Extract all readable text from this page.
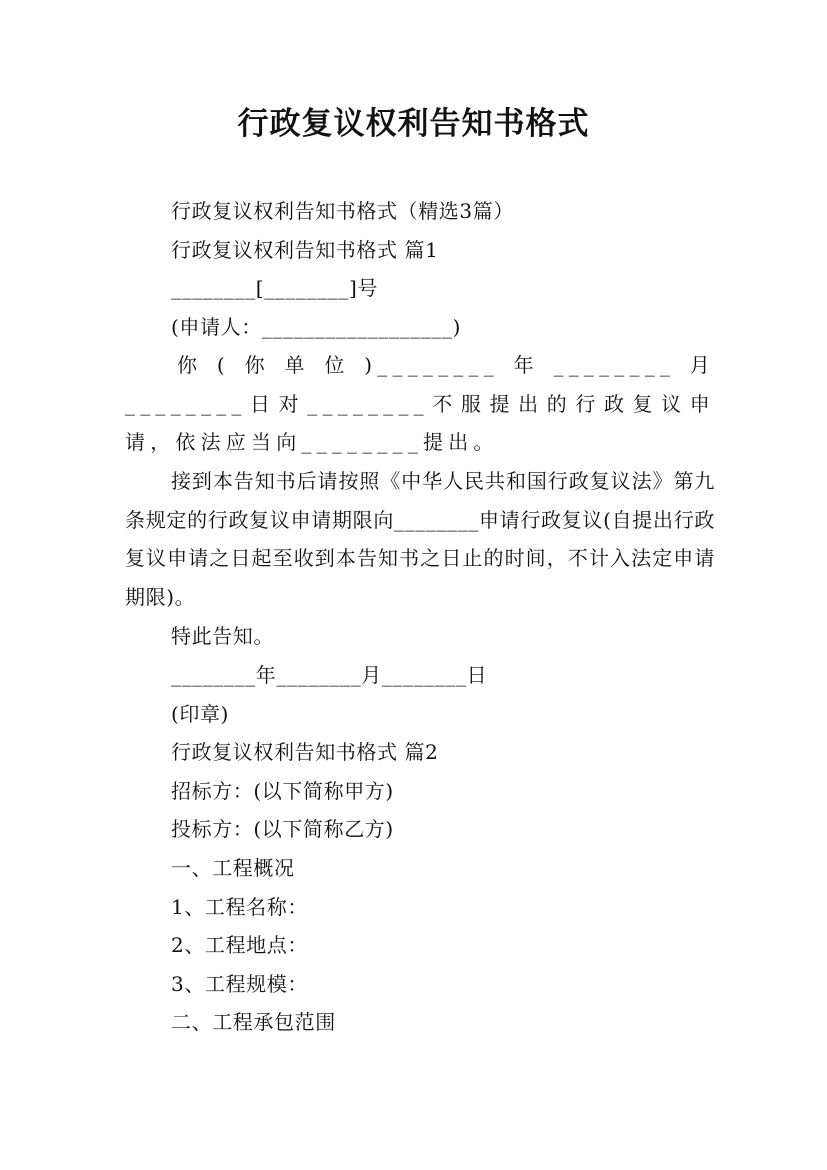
行政复议权利告知书格式
行政复议权利告知书格式（精选3篇）
行政复议权利告知书格式 篇1
________[________]号
(申请人：__________________)
你(你单位)________年________月________日对________不服提出的行政复议申请，依法应当向________提出。
接到本告知书后请按照《中华人民共和国行政复议法》第九条规定的行政复议申请期限向________申请行政复议(自提出行政复议申请之日起至收到本告知书之日止的时间，不计入法定申请期限)。
特此告知。
________年________月________日
(印章)
行政复议权利告知书格式 篇2
招标方：(以下简称甲方)
投标方：(以下简称乙方)
一、工程概况
1、工程名称：
2、工程地点：
3、工程规模：
二、工程承包范围
